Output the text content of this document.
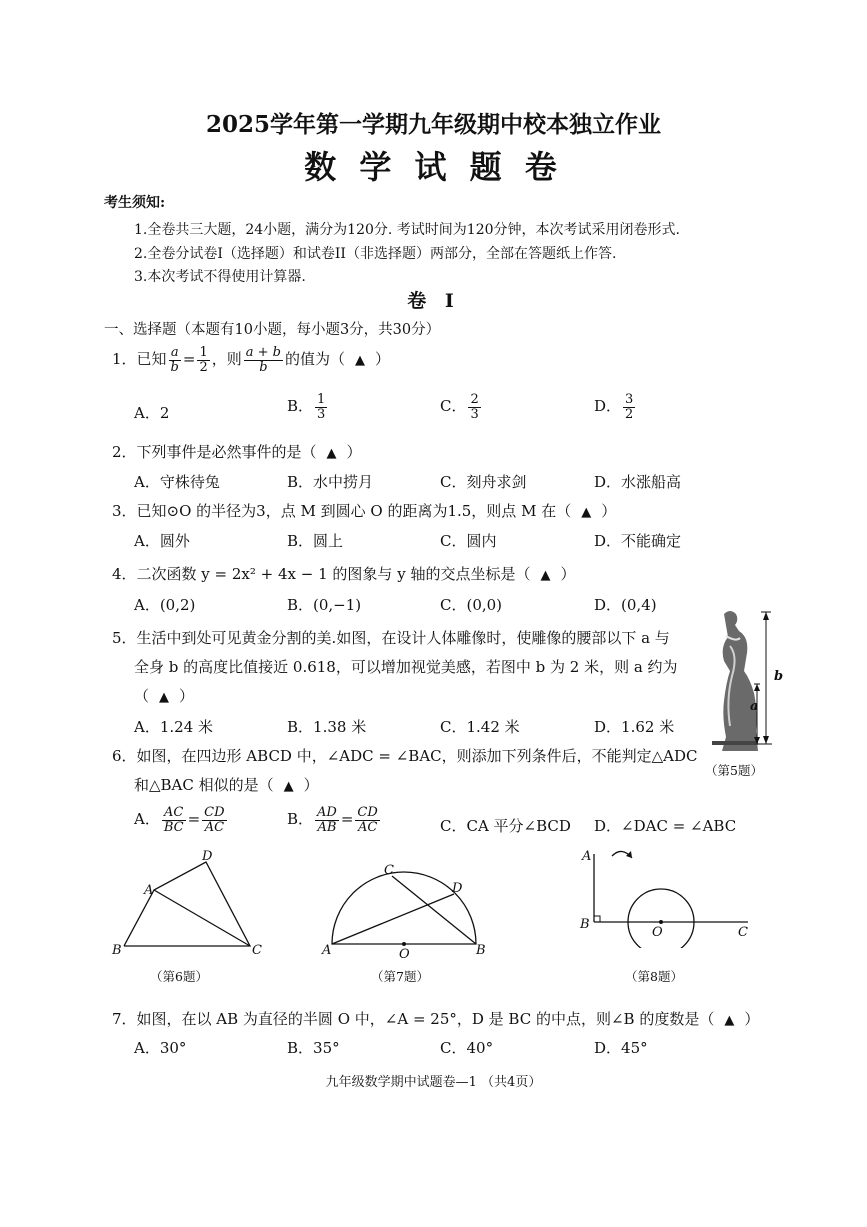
2025学年第一学期九年级期中校本独立作业
数 学 试 题 卷
考生须知:
1.全卷共三大题，24小题，满分为120分. 考试时间为120分钟，本次考试采用闭卷形式.
2.全卷分试卷I（选择题）和试卷II（非选择题）两部分，全部在答题纸上作答.
3.本次考试不得使用计算器.
卷 I
一、选择题（本题有10小题，每小题3分，共30分）
1．已知 $\frac{a}{b} = \frac{1}{2}$ ，则 $\frac{a + b}{b}$ 的值为（ ▲ ）
A．2	B． $\frac{1}{3}$	C． $\frac{2}{3}$	D． $\frac{3}{2}$
2．下列事件是必然事件的是（ ▲ ）
A．守株待兔	B．水中捞月	C．刻舟求剑	D．水涨船高
3．已知⊙O 的半径为3，点 M 到圆心 O 的距离为1.5，则点 M 在（ ▲ ）
A．圆外	B．圆上	C．圆内	D．不能确定
4．二次函数 y = 2x² + 4x − 1 的图象与 y 轴的交点坐标是（ ▲ ）
A．(0,2)	B．(0,−1)	C．(0,0)	D．(0,4)
5．生活中到处可见黄金分割的美.如图，在设计人体雕像时，使雕像的腰部以下 a 与
全身 b 的高度比值接近 0.618，可以增加视觉美感，若图中 b 为 2 米，则 a 约为
（ ▲ ）
A．1.24 米	B．1.38 米	C．1.42 米	D．1.62 米
b
a
（第5题）
6．如图，在四边形 ABCD 中，∠ADC = ∠BAC，则添加下列条件后，不能判定△ADC
和△BAC 相似的是（ ▲ ）
A． $\frac{AC}{BC} = \frac{CD}{AC}$	B． $\frac{AD}{AB} = \frac{CD}{AC}$	C．CA 平分∠BCD D．∠DAC = ∠ABC
A
B	C
D
（第6题）
A	B
C
D
O
（第7题）
A
B
O	C
（第8题）
7．如图，在以 AB 为直径的半圆 O 中，∠A = 25°，D 是 BC 的中点，则∠B 的度数是（ ▲ ）
A．30°	B．35°	C．40°	D．45°
九年级数学期中试题卷—1 （共4页）
